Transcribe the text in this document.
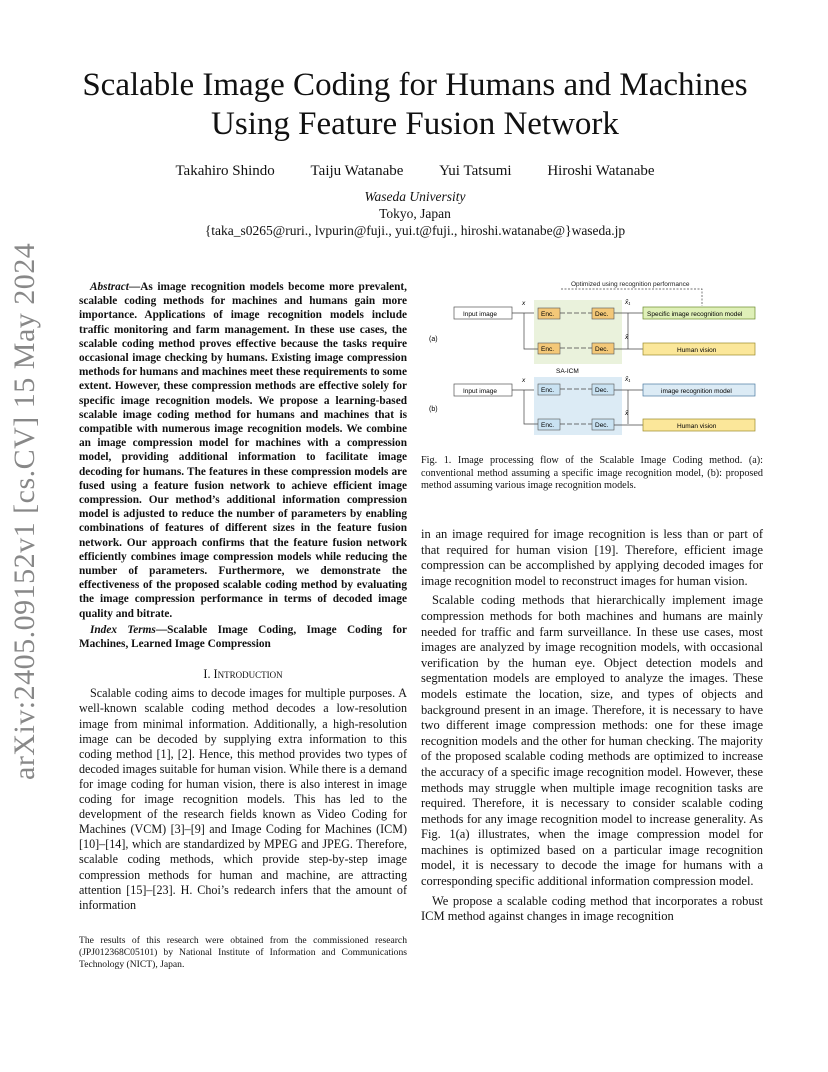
arXiv:2405.09152v1 [cs.CV] 15 May 2024
Scalable Image Coding for Humans and Machines Using Feature Fusion Network
Takahiro Shindo Taiju Watanabe Yui Tatsumi Hiroshi Watanabe
Waseda University
Tokyo, Japan
{taka_s0265@ruri., lvpurin@fuji., yui.t@fuji., hiroshi.watanabe@}waseda.jp

Abstract—As image recognition models become more prevalent, scalable coding methods for machines and humans gain more importance. Applications of image recognition models include traffic monitoring and farm management. In these use cases, the scalable coding method proves effective because the tasks require occasional image checking by humans. Existing image compression methods for humans and machines meet these requirements to some extent. However, these compression methods are effective solely for specific image recognition models. We propose a learning-based scalable image coding method for humans and machines that is compatible with numerous image recognition models. We combine an image compression model for machines with a compression model, providing additional information to facilitate image decoding for humans. The features in these compression models are fused using a feature fusion network to achieve efficient image compression. Our method’s additional information compression model is adjusted to reduce the number of parameters by enabling combinations of features of different sizes in the feature fusion network. Our approach confirms that the feature fusion network efficiently combines image compression models while reducing the number of parameters. Furthermore, we demonstrate the effectiveness of the proposed scalable coding method by evaluating the image compression performance in terms of decoded image quality and bitrate.

Index Terms—Scalable Image Coding, Image Coding for Machines, Learned Image Compression

I. Introduction

Scalable coding aims to decode images for multiple purposes. A well-known scalable coding method decodes a low-resolution image from minimal information. Additionally, a high-resolution image can be decoded by supplying extra information to this coding method [1], [2]. Hence, this method provides two types of decoded images suitable for human vision. While there is a demand for image coding for human vision, there is also interest in image coding for image recognition models. This has led to the development of the research fields known as Video Coding for Machines (VCM) [3]–[9] and Image Coding for Machines (ICM) [10]–[14], which are standardized by MPEG and JPEG. Therefore, scalable coding methods, which provide step-by-step image compression methods for human and machine, are attracting attention [15]–[23]. H. Choi’s redearch infers that the amount of information

The results of this research were obtained from the commissioned research (JPJ012368C05101) by National Institute of Information and Communications Technology (NICT), Japan.
Optimized using recognition performance
(a)
Input image
x
Enc.	Dec.
x̂₁
Specific image recognition model
Enc.	Dec.
x̂
Human vision
SA-ICM
(b)
Input image
x
Enc.	Dec.
x̂₁
image recognition model
Enc.	Dec.
x̂
Human vision
Fig. 1. Image processing flow of the Scalable Image Coding method. (a): conventional method assuming a specific image recognition model, (b): proposed method assuming various image recognition models.

in an image required for image recognition is less than or part of that required for human vision [19]. Therefore, efficient image compression can be accomplished by applying decoded images for image recognition model to reconstruct images for human vision.

Scalable coding methods that hierarchically implement image compression methods for both machines and humans are mainly needed for traffic and farm surveillance. In these use cases, most images are analyzed by image recognition models, with occasional verification by the human eye. Object detection models and segmentation models are employed to analyze the images. These models estimate the location, size, and types of objects and background present in an image. Therefore, it is necessary to have two different image compression methods: one for these image recognition models and the other for human checking. The majority of the proposed scalable coding methods are optimized to increase the accuracy of a specific image recognition model. However, these methods may struggle when multiple image recognition tasks are required. Therefore, it is necessary to consider scalable coding methods for any image recognition model to increase generality. As Fig. 1(a) illustrates, when the image compression model for machines is optimized based on a particular image recognition model, it is necessary to decode the image for humans with a corresponding specific additional information compression model.

We propose a scalable coding method that incorporates a robust ICM method against changes in image recognition
